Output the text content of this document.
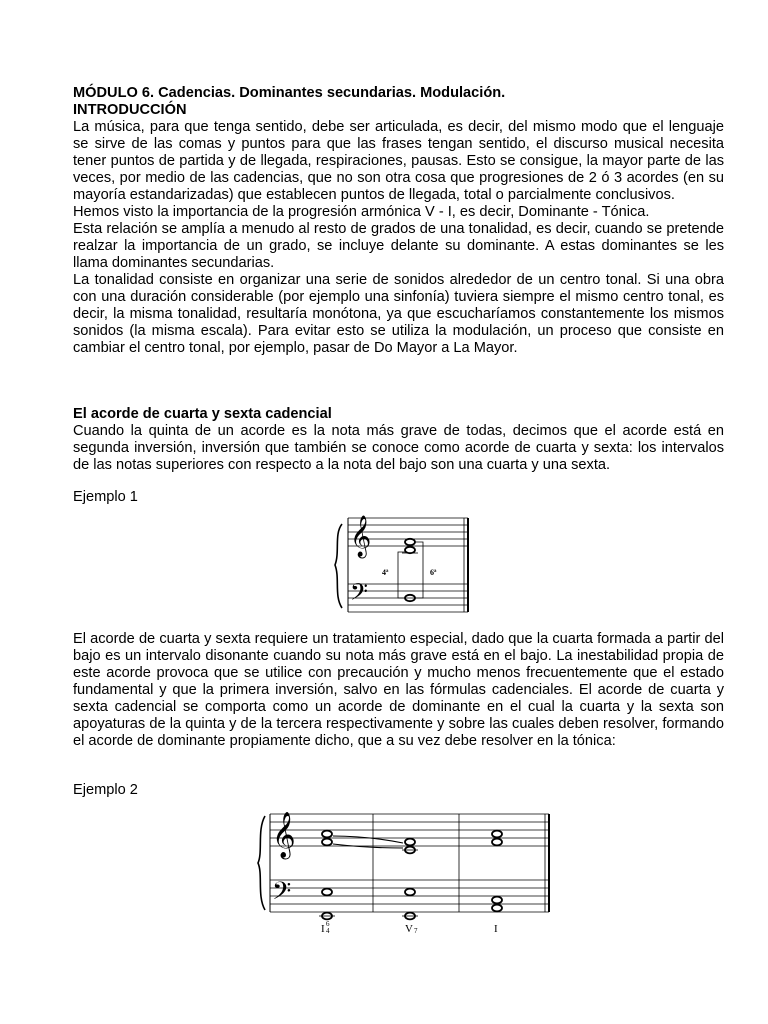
MÓDULO 6. Cadencias. Dominantes secundarias. Modulación.
INTRODUCCIÓN

La música, para que tenga sentido, debe ser articulada, es decir, del mismo modo que el lenguaje se sirve de las comas y puntos para que las frases tengan sentido, el discurso musical necesita tener puntos de partida y de llegada, respiraciones, pausas. Esto se consigue, la mayor parte de las veces, por medio de las cadencias, que no son otra cosa que progresiones de 2 ó 3 acordes (en su mayoría estandarizadas) que establecen puntos de llegada, total o parcialmente conclusivos.

Hemos visto la importancia de la progresión armónica V - I, es decir, Dominante - Tónica.

Esta relación se amplía a menudo al resto de grados de una tonalidad, es decir, cuando se pretende realzar la importancia de un grado, se incluye delante su dominante. A estas dominantes se les llama dominantes secundarias.

La tonalidad consiste en organizar una serie de sonidos alrededor de un centro tonal. Si una obra con una duración considerable (por ejemplo una sinfonía) tuviera siempre el mismo centro tonal, es decir, la misma tonalidad, resultaría monótona, ya que escucharíamos constantemente los mismos sonidos (la misma escala). Para evitar esto se utiliza la modulación, un proceso que consiste en cambiar el centro tonal, por ejemplo, pasar de Do Mayor a La Mayor.

El acorde de cuarta y sexta cadencial

Cuando la quinta de un acorde es la nota más grave de todas, decimos que el acorde está en segunda inversión, inversión que también se conoce como acorde de cuarta y sexta: los intervalos de las notas superiores con respecto a la nota del bajo son una cuarta y una sexta.

Ejemplo 1
𝄞
𝄢
4ª	6ª

El acorde de cuarta y sexta requiere un tratamiento especial, dado que la cuarta formada a partir del bajo es un intervalo disonante cuando su nota más grave está en el bajo. La inestabilidad propia de este acorde provoca que se utilice con precaución y mucho menos frecuentemente que el estado fundamental y que la primera inversión, salvo en las fórmulas cadenciales. El acorde de cuarta y sexta cadencial se comporta como un acorde de dominante en el cual la cuarta y la sexta son apoyaturas de la quinta y de la tercera respectivamente y sobre las cuales deben resolver, formando el acorde de dominante propiamente dicho, que a su vez debe resolver en la tónica:

Ejemplo 2
𝄞
𝄢
I 6
4	V 7	I
